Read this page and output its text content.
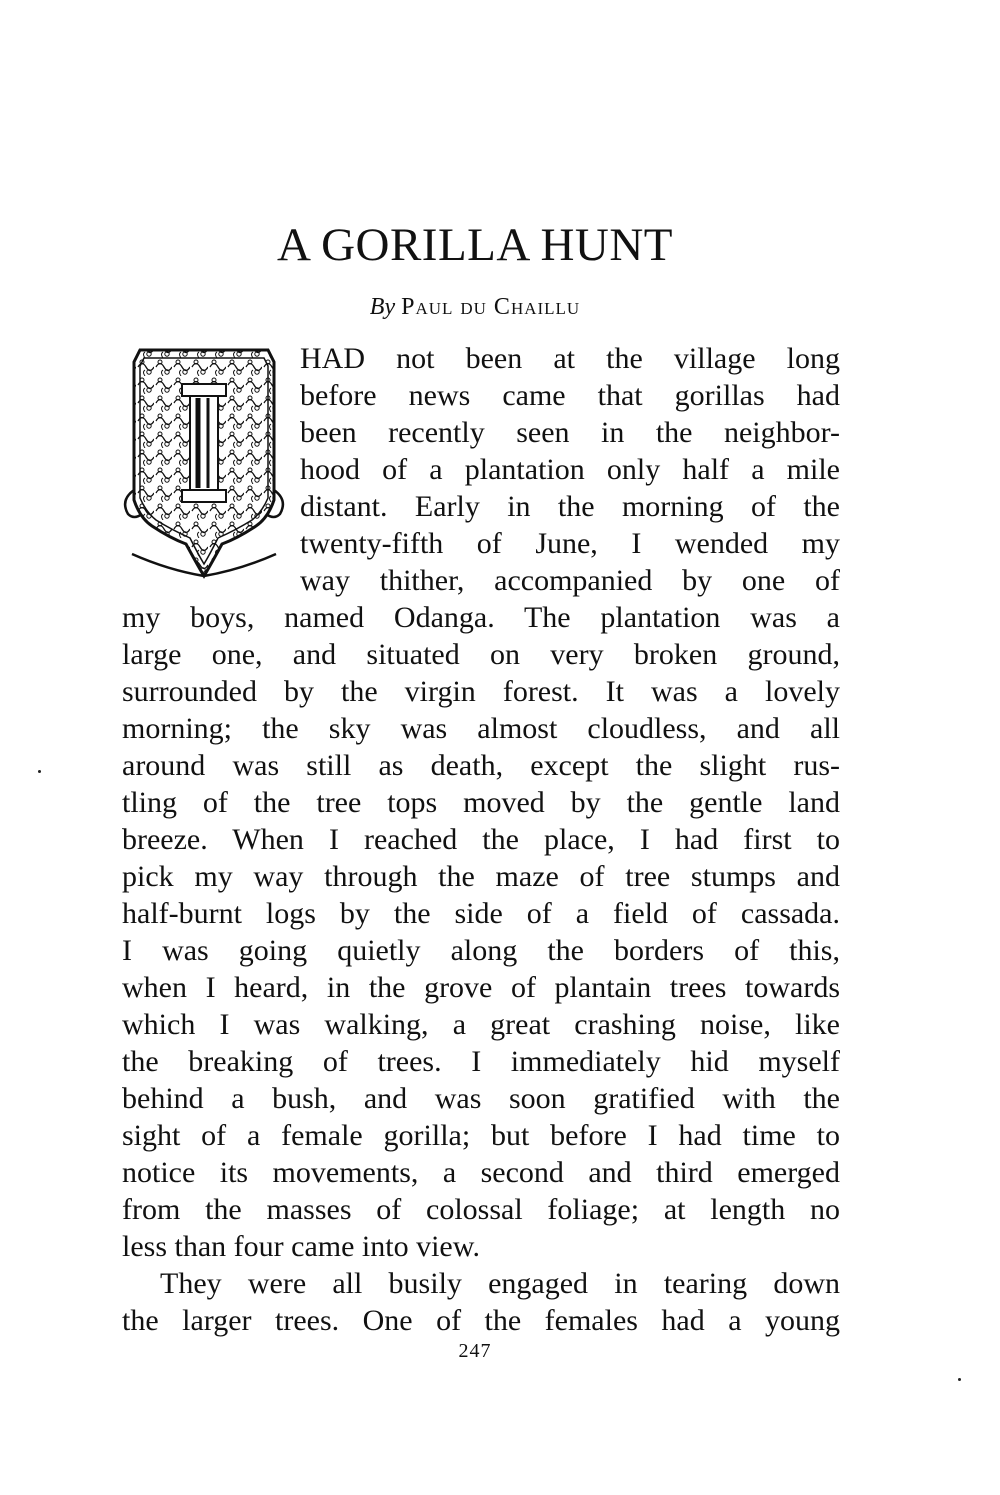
A GORILLA HUNT
By Paul du Chaillu
HAD not been at the village long
before news came that gorillas had
been recently seen in the neighbor-
hood of a plantation only half a mile
distant. Early in the morning of the
twenty-fifth of June, I wended my
way thither, accompanied by one of
my boys, named Odanga. The plantation was a
large one, and situated on very broken ground,
surrounded by the virgin forest. It was a lovely
morning; the sky was almost cloudless, and all
around was still as death, except the slight rus-
tling of the tree tops moved by the gentle land
breeze. When I reached the place, I had first to
pick my way through the maze of tree stumps and
half-burnt logs by the side of a field of cassada.
I was going quietly along the borders of this,
when I heard, in the grove of plantain trees towards
which I was walking, a great crashing noise, like
the breaking of trees. I immediately hid myself
behind a bush, and was soon gratified with the
sight of a female gorilla; but before I had time to
notice its movements, a second and third emerged
from the masses of colossal foliage; at length no
less than four came into view.
They were all busily engaged in tearing down
the larger trees. One of the females had a young
247
